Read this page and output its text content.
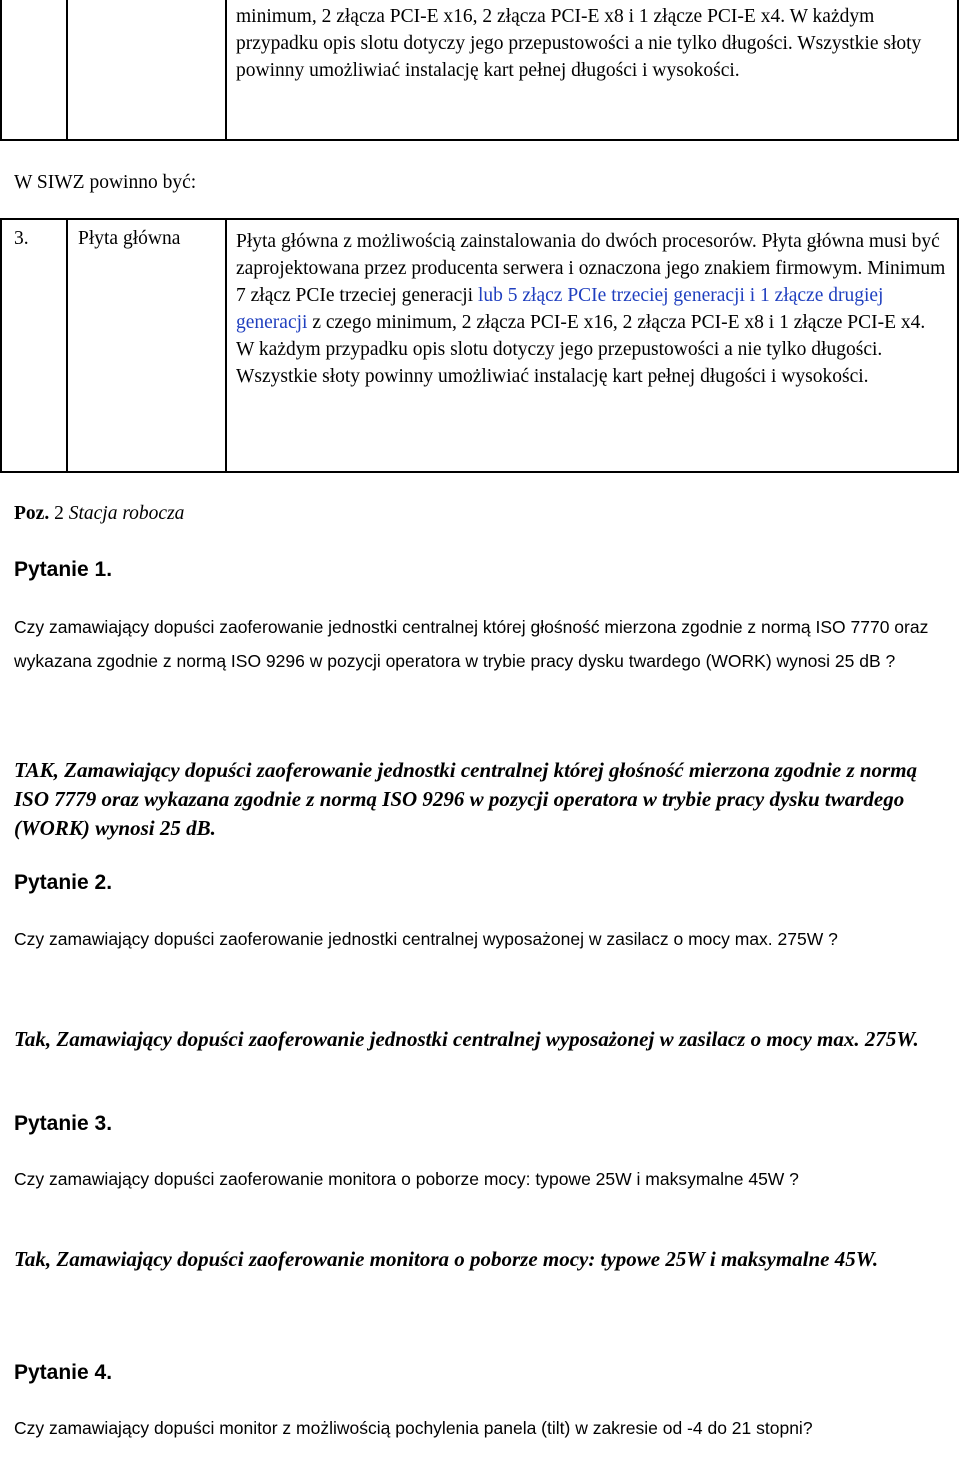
minimum, 2 złącza PCI-E x16, 2 złącza PCI-E x8 i 1 złącze PCI-E x4. W każdym przypadku opis slotu dotyczy jego przepustowości a nie tylko długości. Wszystkie słoty powinny umożliwiać instalację kart pełnej długości i wysokości.
W SIWZ powinno być:
3.	Płyta główna	Płyta główna z możliwością zainstalowania do dwóch procesorów. Płyta główna musi być zaprojektowana przez producenta serwera i oznaczona jego znakiem firmowym. Minimum 7 złącz PCIe trzeciej generacji lub 5 złącz PCIe trzeciej generacji i 1 złącze drugiej generacji z czego minimum, 2 złącza PCI-E x16, 2 złącza PCI-E x8 i 1 złącze PCI-E x4. W każdym przypadku opis slotu dotyczy jego przepustowości a nie tylko długości. Wszystkie słoty powinny umożliwiać instalację kart pełnej długości i wysokości.
Poz. 2 Stacja robocza
Pytanie 1.
Czy zamawiający dopuści zaoferowanie jednostki centralnej której głośność mierzona zgodnie z normą ISO 7770 oraz wykazana zgodnie z normą ISO 9296 w pozycji operatora w trybie pracy dysku twardego (WORK) wynosi 25 dB ?
TAK, Zamawiający dopuści zaoferowanie jednostki centralnej której głośność mierzona zgodnie z normą ISO 7779 oraz wykazana zgodnie z normą ISO 9296 w pozycji operatora w trybie pracy dysku twardego (WORK) wynosi 25 dB.
Pytanie 2.
Czy zamawiający dopuści zaoferowanie jednostki centralnej wyposażonej w zasilacz o mocy max. 275W ?
Tak, Zamawiający dopuści zaoferowanie jednostki centralnej wyposażonej w zasilacz o mocy max. 275W.
Pytanie 3.
Czy zamawiający dopuści zaoferowanie monitora o poborze mocy: typowe 25W i maksymalne 45W ?
Tak, Zamawiający dopuści zaoferowanie monitora o poborze mocy: typowe 25W i maksymalne 45W.
Pytanie 4.
Czy zamawiający dopuści monitor z możliwością pochylenia panela (tilt) w zakresie od -4 do 21 stopni?
